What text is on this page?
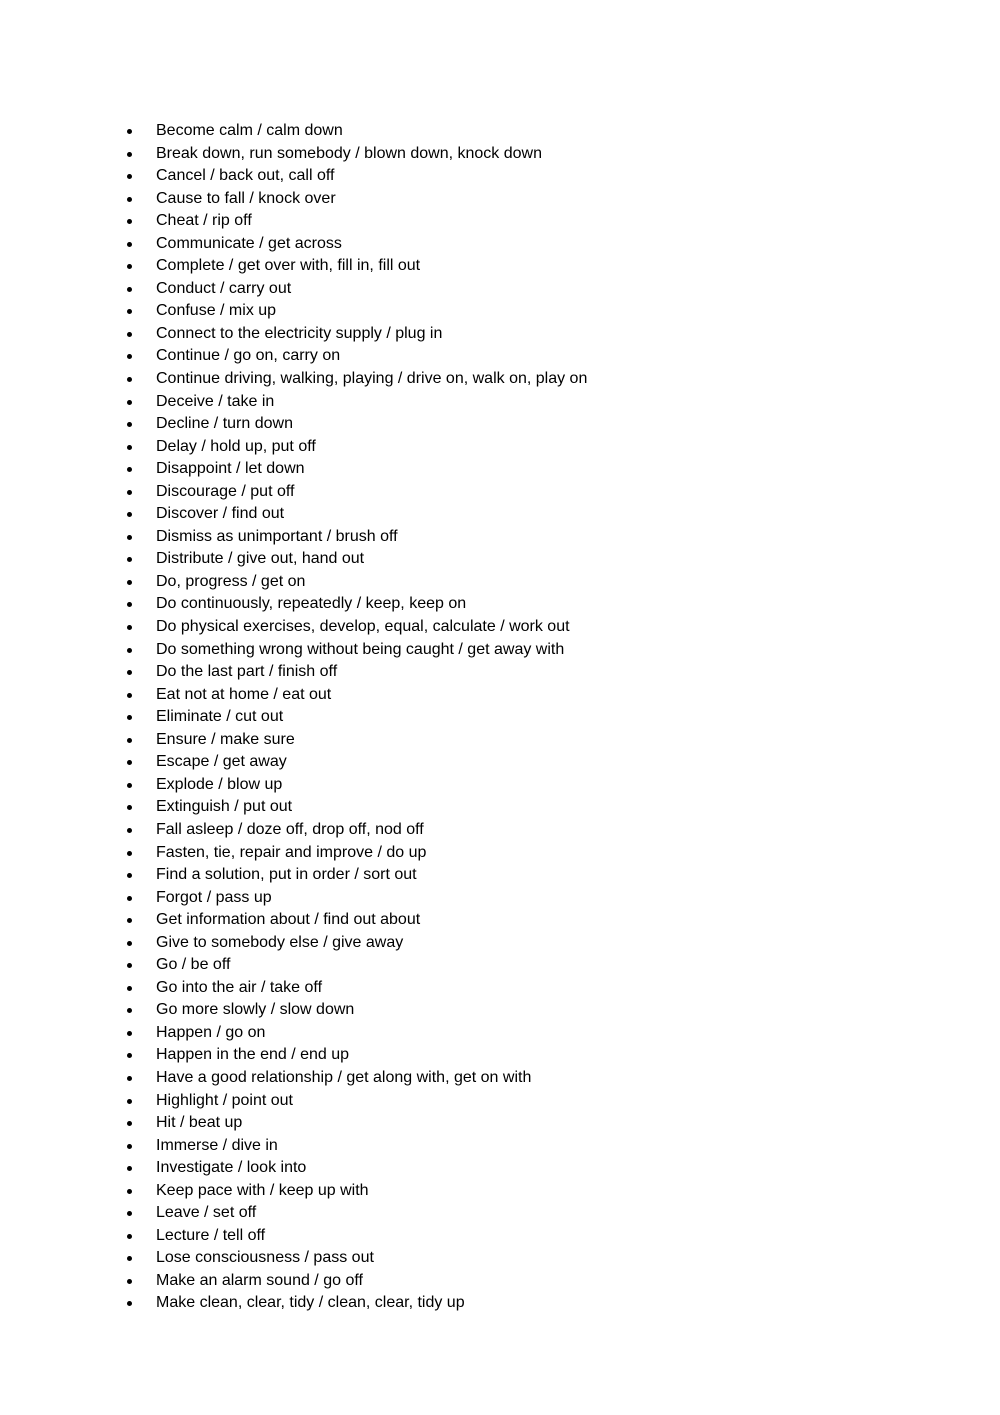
Become calm / calm down
Break down, run somebody / blown down, knock down
Cancel / back out, call off
Cause to fall / knock over
Cheat / rip off
Communicate / get across
Complete / get over with, fill in, fill out
Conduct / carry out
Confuse / mix up
Connect to the electricity supply / plug in
Continue / go on, carry on
Continue driving, walking, playing / drive on, walk on, play on
Deceive / take in
Decline / turn down
Delay / hold up, put off
Disappoint / let down
Discourage / put off
Discover / find out
Dismiss as unimportant / brush off
Distribute / give out, hand out
Do, progress / get on
Do continuously, repeatedly / keep, keep on
Do physical exercises, develop, equal, calculate / work out
Do something wrong without being caught / get away with
Do the last part / finish off
Eat not at home / eat out
Eliminate / cut out
Ensure / make sure
Escape / get away
Explode / blow up
Extinguish / put out
Fall asleep / doze off, drop off, nod off
Fasten, tie, repair and improve / do up
Find a solution, put in order / sort out
Forgot / pass up
Get information about / find out about
Give to somebody else / give away
Go / be off
Go into the air / take off
Go more slowly / slow down
Happen / go on
Happen in the end / end up
Have a good relationship / get along with, get on with
Highlight / point out
Hit / beat up
Immerse / dive in
Investigate / look into
Keep pace with / keep up with
Leave / set off
Lecture / tell off
Lose consciousness / pass out
Make an alarm sound / go off
Make clean, clear, tidy / clean, clear, tidy up
